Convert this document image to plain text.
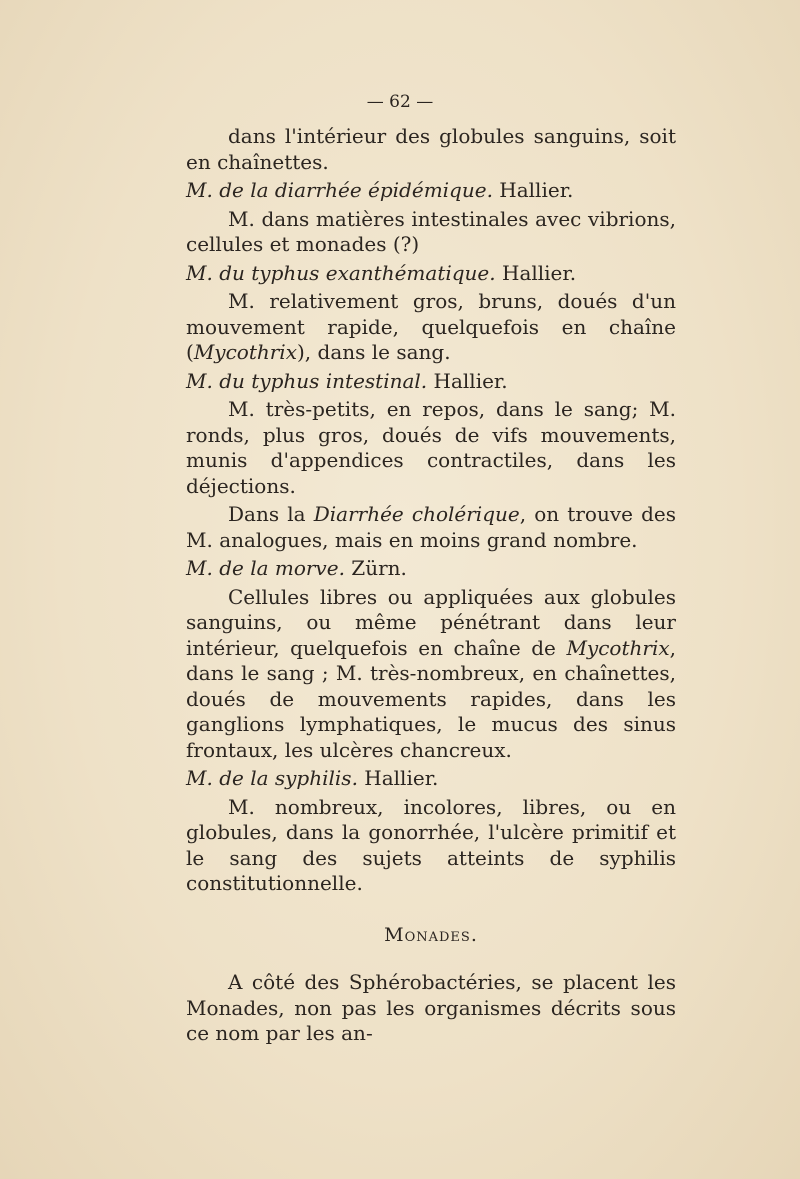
— 62 —

dans l'intérieur des globules sanguins, soit en chaînettes.

M. de la diarrhée épidémique. Hallier.

M. dans matières intestinales avec vibrions, cellules et monades (?)

M. du typhus exanthématique. Hallier.

M. relativement gros, bruns, doués d'un mouvement rapide, quelquefois en chaîne (Mycothrix), dans le sang.

M. du typhus intestinal. Hallier.

M. très-petits, en repos, dans le sang; M. ronds, plus gros, doués de vifs mouvements, munis d'appendices contractiles, dans les déjections.

Dans la Diarrhée cholérique, on trouve des M. analogues, mais en moins grand nombre.

M. de la morve. Zürn.

Cellules libres ou appliquées aux globules sanguins, ou même pénétrant dans leur intérieur, quelquefois en chaîne de Mycothrix, dans le sang ; M. très-nombreux, en chaînettes, doués de mouvements rapides, dans les ganglions lymphatiques, le mucus des sinus frontaux, les ulcères chancreux.

M. de la syphilis. Hallier.

M. nombreux, incolores, libres, ou en globules, dans la gonorrhée, l'ulcère primitif et le sang des sujets atteints de syphilis constitutionnelle.

Monades.

A côté des Sphérobactéries, se placent les Monades, non pas les organismes décrits sous ce nom par les an-
